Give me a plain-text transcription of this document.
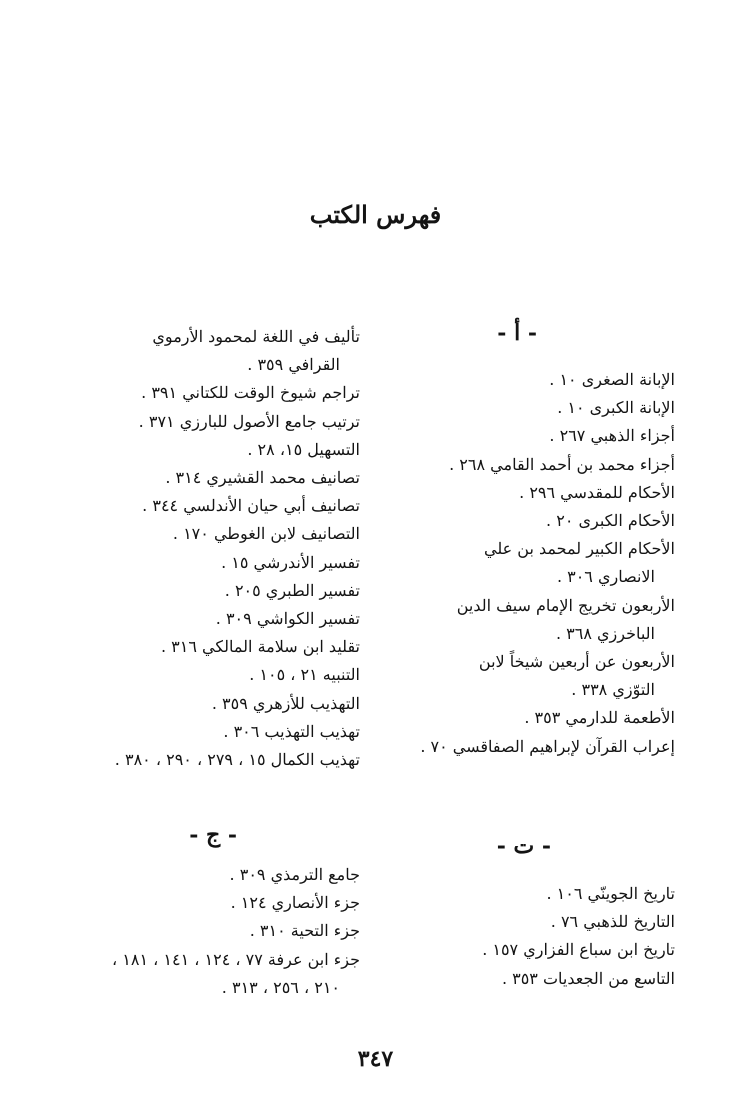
فهرس الكتب
- أ -
الإبانة الصغرى ١٠ .
الإبانة الكبرى ١٠ .
أجزاء الذهبي ٢٦٧ .
أجزاء محمد بن أحمد القامي ٢٦٨ .
الأحكام للمقدسي ٢٩٦ .
الأحكام الكبرى ٢٠ .
الأحكام الكبير لمحمد بن علي
الانصاري ٣٠٦ .
الأربعون تخريج الإمام سيف الدين
الباخرزي ٣٦٨ .
الأربعون عن أربعين شيخاً لابن
التوّزي ٣٣٨ .
الأطعمة للدارمي ٣٥٣ .
إعراب القرآن لإبراهيم الصفاقسي ٧٠ .
تأليف في اللغة لمحمود الأرموي
القرافي ٣٥٩ .
تراجم شيوخ الوقت للكتاني ٣٩١ .
ترتيب جامع الأصول للبارزي ٣٧١ .
التسهيل ١٥، ٢٨ .
تصانيف محمد القشيري ٣١٤ .
تصانيف أبي حيان الأندلسي ٣٤٤ .
التصانيف لابن الغوطي ١٧٠ .
تفسير الأندرشي ١٥ .
تفسير الطبري ٢٠٥ .
تفسير الكواشي ٣٠٩ .
تقليد ابن سلامة المالكي ٣١٦ .
التنبيه ٢١ ، ١٠٥ .
التهذيب للأزهري ٣٥٩ .
تهذيب التهذيب ٣٠٦ .
تهذيب الكمال ١٥ ، ٢٧٩ ، ٢٩٠ ، ٣٨٠ .
- ت -
تاريخ الجوينّي ١٠٦ .
التاريخ للذهبي ٧٦ .
تاريخ ابن سباع الفزاري ١٥٧ .
التاسع من الجعديات ٣٥٣ .
- ج -
جامع الترمذي ٣٠٩ .
جزء الأنصاري ١٢٤ .
جزء التحية ٣١٠ .
جزء ابن عرفة ٧٧ ، ١٢٤ ، ١٤١ ، ١٨١ ،
٢١٠ ، ٢٥٦ ، ٣١٣ .
٣٤٧
